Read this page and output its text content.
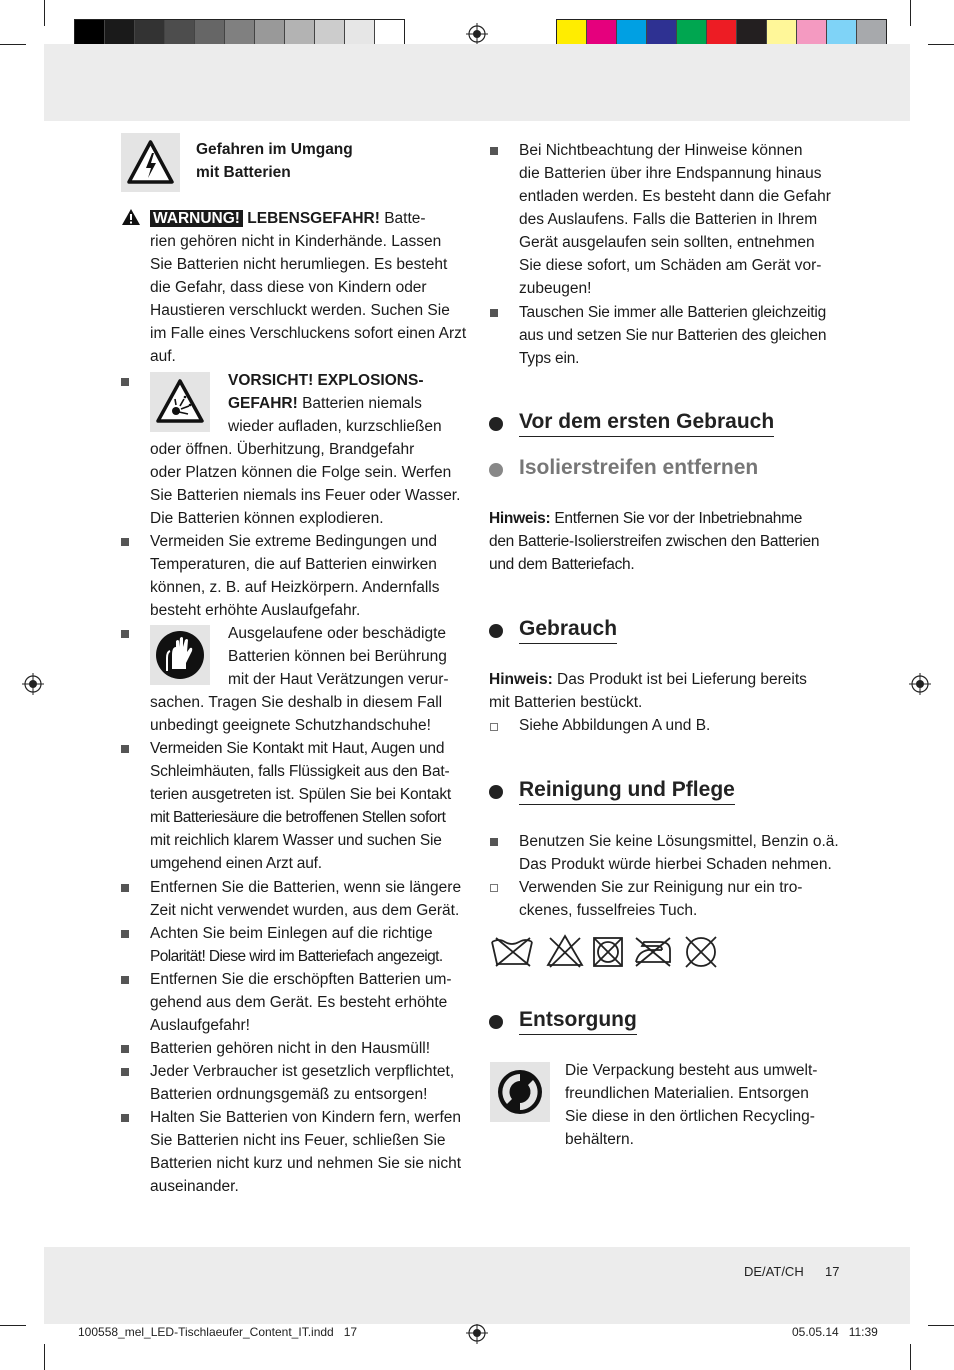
Gefahren im Umgang
mit Batterien
WARNUNG! LEBENSGEFAHR! Batte-
rien gehören nicht in Kinderhände. Lassen
Sie Batterien nicht herumliegen. Es besteht
die Gefahr, dass diese von Kindern oder
Haustieren verschluckt werden. Suchen Sie
im Falle eines Verschluckens sofort einen Arzt
auf.
VORSICHT! EXPLOSIONS-
GEFAHR! Batterien niemals
wieder aufladen, kurzschließen
oder öffnen. Überhitzung, Brandgefahr
oder Platzen können die Folge sein. Werfen
Sie Batterien niemals ins Feuer oder Wasser.
Die Batterien können explodieren.
Vermeiden Sie extreme Bedingungen und
Temperaturen, die auf Batterien einwirken
können, z. B. auf Heizkörpern. Andernfalls
besteht erhöhte Auslaufgefahr.
Ausgelaufene oder beschädigte
Batterien können bei Berührung
mit der Haut Verätzungen verur-
sachen. Tragen Sie deshalb in diesem Fall
unbedingt geeignete Schutzhandschuhe!
Vermeiden Sie Kontakt mit Haut, Augen und
Schleimhäuten, falls Flüssigkeit aus den Bat-
terien ausgetreten ist. Spülen Sie bei Kontakt
mit Batteriesäure die betroffenen Stellen sofort
mit reichlich klarem Wasser und suchen Sie
umgehend einen Arzt auf.
Entfernen Sie die Batterien, wenn sie längere
Zeit nicht verwendet wurden, aus dem Gerät.
Achten Sie beim Einlegen auf die richtige
Polarität! Diese wird im Batteriefach angezeigt.
Entfernen Sie die erschöpften Batterien um-
gehend aus dem Gerät. Es besteht erhöhte
Auslaufgefahr!
Batterien gehören nicht in den Hausmüll!
Jeder Verbraucher ist gesetzlich verpflichtet,
Batterien ordnungsgemäß zu entsorgen!
Halten Sie Batterien von Kindern fern, werfen
Sie Batterien nicht ins Feuer, schließen Sie
Batterien nicht kurz und nehmen Sie sie nicht
auseinander.
Bei Nichtbeachtung der Hinweise können
die Batterien über ihre Endspannung hinaus
entladen werden. Es besteht dann die Gefahr
des Auslaufens. Falls die Batterien in Ihrem
Gerät ausgelaufen sein sollten, entnehmen
Sie diese sofort, um Schäden am Gerät vor-
zubeugen!
Tauschen Sie immer alle Batterien gleichzeitig
aus und setzen Sie nur Batterien des gleichen
Typs ein.
Vor dem ersten Gebrauch
Isolierstreifen entfernen
Hinweis: Entfernen Sie vor der Inbetriebnahme
den Batterie-Isolierstreifen zwischen den Batterien
und dem Batteriefach.
Gebrauch
Hinweis: Das Produkt ist bei Lieferung bereits
mit Batterien bestückt.
Siehe Abbildungen A und B.
Reinigung und Pflege
Benutzen Sie keine Lösungsmittel, Benzin o.ä.
Das Produkt würde hierbei Schaden nehmen.
Verwenden Sie zur Reinigung nur ein tro-
ckenes, fusselfreies Tuch.
Entsorgung
Die Verpackung besteht aus umwelt-
freundlichen Materialien. Entsorgen
Sie diese in den örtlichen Recycling-
behältern.
DE/AT/CH 17
100558_mel_LED-Tischlaeufer_Content_IT.indd   17	05.05.14   11:39
